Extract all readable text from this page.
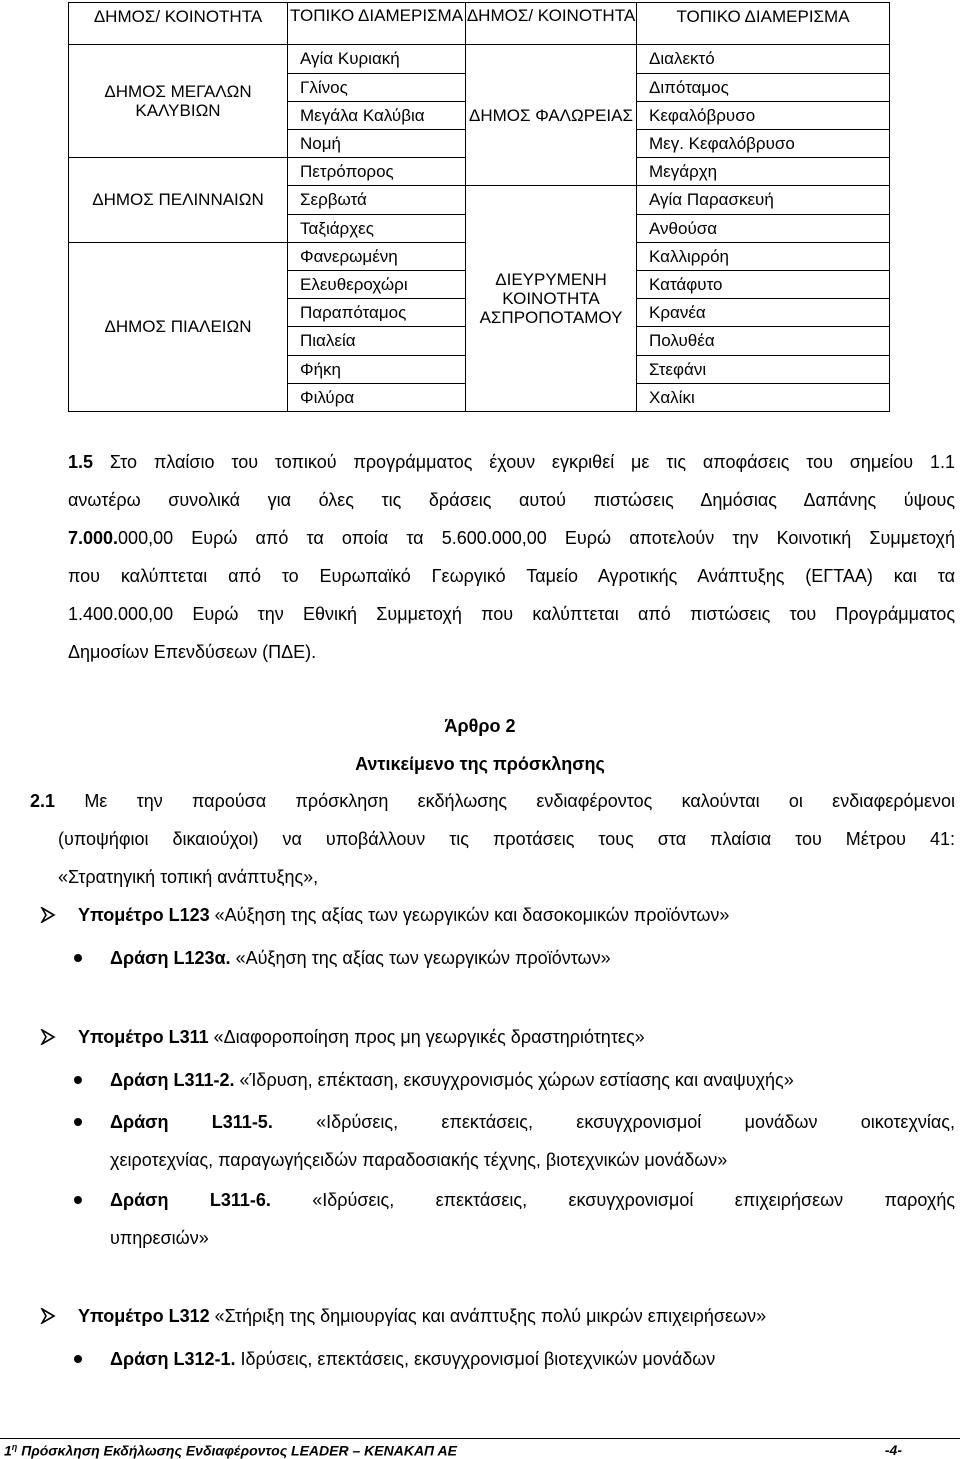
ΔΗΜΟΣ/ ΚΟΙΝΟΤΗΤΑ	ΤΟΠΙΚΟ ΔΙΑΜΕΡΙΣΜΑ	ΔΗΜΟΣ/ ΚΟΙΝΟΤΗΤΑ	ΤΟΠΙΚΟ ΔΙΑΜΕΡΙΣΜΑ
ΔΗΜΟΣ ΜΕΓΑΛΩΝ ΚΑΛΥΒΙΩΝ	Αγία Κυριακή	ΔΗΜΟΣ ΦΑΛΩΡΕΙΑΣ	Διαλεκτό
	Γλίνος		Διπόταμος
	Μεγάλα Καλύβια		Κεφαλόβρυσο
	Νομή		Μεγ. Κεφαλόβρυσο
ΔΗΜΟΣ ΠΕΛΙΝΝΑΙΩΝ	Πετρόπορος		Μεγάρχη
	Σερβωτά	ΔΙΕΥΡΥΜΕΝΗ ΚΟΙΝΟΤΗΤΑ ΑΣΠΡΟΠΟΤΑΜΟΥ	Αγία Παρασκευή
	Ταξιάρχες		Ανθούσα
ΔΗΜΟΣ ΠΙΑΛΕΙΩΝ	Φανερωμένη		Καλλιρρόη
	Ελευθεροχώρι		Κατάφυτο
	Παραπόταμος		Κρανέα
	Πιαλεία		Πολυθέα
	Φήκη		Στεφάνι
	Φιλύρα		Χαλίκι
1.5 Στο πλαίσιο του τοπικού προγράμματος έχουν εγκριθεί με τις αποφάσεις του σημείου 1.1
ανωτέρω συνολικά για όλες τις δράσεις αυτού πιστώσεις Δημόσιας Δαπάνης ύψους
7.000.000,00 Ευρώ από τα οποία τα 5.600.000,00 Ευρώ αποτελούν την Κοινοτική Συμμετοχή
που καλύπτεται από το Ευρωπαϊκό Γεωργικό Ταμείο Αγροτικής Ανάπτυξης (ΕΓΤΑΑ) και τα
1.400.000,00 Ευρώ την Εθνική Συμμετοχή που καλύπτεται από πιστώσεις του Προγράμματος
Δημοσίων Επενδύσεων (ΠΔΕ).
Άρθρο 2
Αντικείμενο της πρόσκλησης
2.1 Με την παρούσα πρόσκληση εκδήλωσης ενδιαφέροντος καλούνται οι ενδιαφερόμενοι
(υποψήφιοι δικαιούχοι) να υποβάλλουν τις προτάσεις τους στα πλαίσια του Μέτρου 41:
«Στρατηγική τοπική ανάπτυξης»,
Υπομέτρο L123 «Αύξηση της αξίας των γεωργικών και δασοκομικών προϊόντων»
Δράση L123α. «Αύξηση της αξίας των γεωργικών προϊόντων»
Υπομέτρο L311 «Διαφοροποίηση προς μη γεωργικές δραστηριότητες»
Δράση L311-2. «Ίδρυση, επέκταση, εκσυγχρονισμός χώρων εστίασης και αναψυχής»
Δράση L311-5. «Ιδρύσεις, επεκτάσεις, εκσυγχρονισμοί μονάδων οικοτεχνίας,
χειροτεχνίας, παραγωγήςειδών παραδοσιακής τέχνης, βιοτεχνικών μονάδων»
Δράση L311-6. «Ιδρύσεις, επεκτάσεις, εκσυγχρονισμοί επιχειρήσεων παροχής
υπηρεσιών»
Υπομέτρο L312 «Στήριξη της δημιουργίας και ανάπτυξης πολύ μικρών επιχειρήσεων»
Δράση L312-1. Ιδρύσεις, επεκτάσεις, εκσυγχρονισμοί βιοτεχνικών μονάδων
$1^\eta$ Πρόσκληση Εκδήλωσης Ενδιαφέροντος LEADER – ΚΕΝΑΚΑΠ ΑΕ	-4-
